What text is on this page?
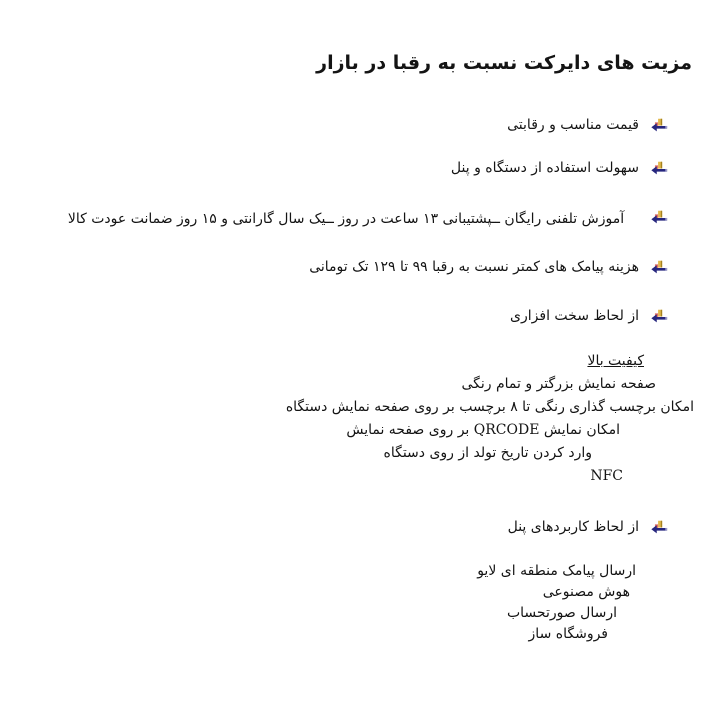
مزیت های دایرکت نسبت به رقبا در بازار
قیمت مناسب و رقابتی
سهولت استفاده از دستگاه و پنل
آموزش تلفنی رایگان ــپشتیبانی ۱۳ ساعت در روز ــیک سال گارانتی و ۱۵ روز ضمانت عودت کالا
هزینه پیامک های کمتر نسبت به رقبا ۹۹ تا ۱۲۹ تک تومانی
از لحاظ سخت افزاری
کیفیت بالا
صفحه نمایش بزرگتر و تمام رنگی
امکان برچسب گذاری رنگی تا ۸ برچسب بر روی صفحه نمایش دستگاه
امکان نمایش QRCODE بر روی صفحه نمایش
وارد کردن تاریخ تولد از روی دستگاه
NFC
از لحاظ کاربردهای پنل
ارسال پیامک منطقه ای لایو
هوش مصنوعی
ارسال صورتحساب
فروشگاه ساز
